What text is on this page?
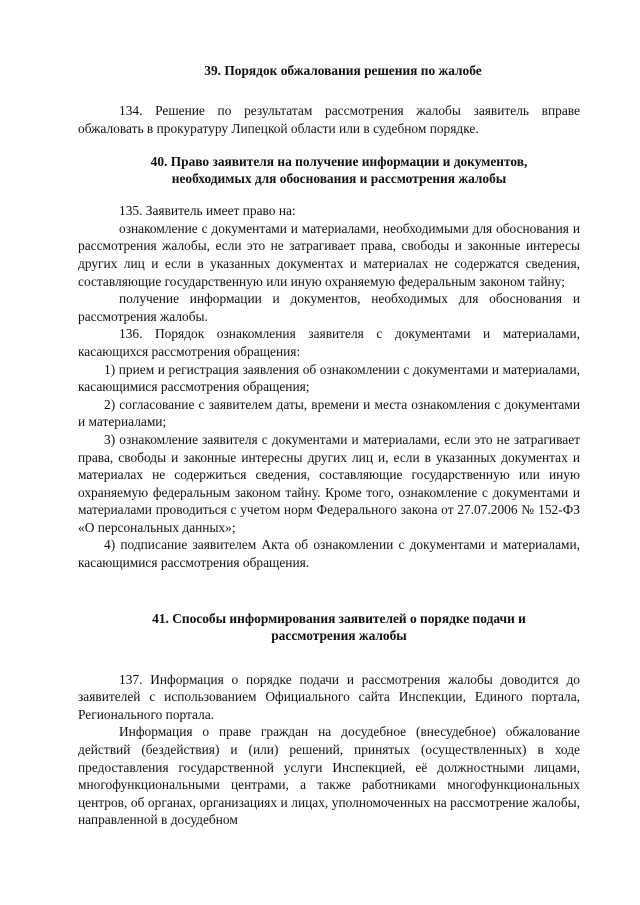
39. Порядок обжалования решения по жалобе

134. Решение по результатам рассмотрения жалобы заявитель вправе обжаловать в прокуратуру Липецкой области или в судебном порядке.

40. Право заявителя на получение информации и документов,
необходимых для обоснования и рассмотрения жалобы

135. Заявитель имеет право на:

ознакомление с документами и материалами, необходимыми для обоснования и рассмотрения жалобы, если это не затрагивает права, свободы и законные интересы других лиц и если в указанных документах и материалах не содержатся сведения, составляющие государственную или иную охраняемую федеральным законом тайну;

получение информации и документов, необходимых для обоснования и рассмотрения жалобы.

136. Порядок ознакомления заявителя с документами и материалами, касающихся рассмотрения обращения:

1) прием и регистрация заявления об ознакомлении с документами и материалами, касающимися рассмотрения обращения;

2) согласование с заявителем даты, времени и места ознакомления с документами и материалами;

3) ознакомление заявителя с документами и материалами, если это не затрагивает права, свободы и законные интересны других лиц и, если в указанных документах и материалах не содержиться сведения, составляющие государственную или иную охраняемую федеральным законом тайну. Кроме того, ознакомление с документами и материалами проводиться с учетом норм Федерального закона от 27.07.2006 № 152-ФЗ «О персональных данных»;

4) подписание заявителем Акта об ознакомлении с документами и материалами, касающимися рассмотрения обращения.

41. Способы информирования заявителей о порядке подачи и
рассмотрения жалобы

137. Информация о порядке подачи и рассмотрения жалобы доводится до заявителей с использованием Официального сайта Инспекции, Единого портала, Регионального портала.

Информация о праве граждан на досудебное (внесудебное) обжалование действий (бездействия) и (или) решений, принятых (осуществленных) в ходе предоставления государственной услуги Инспекцией, её должностными лицами, многофункциональными центрами, а также работниками многофункциональных центров, об органах, организациях и лицах, уполномоченных на рассмотрение жалобы, направленной в досудебном
